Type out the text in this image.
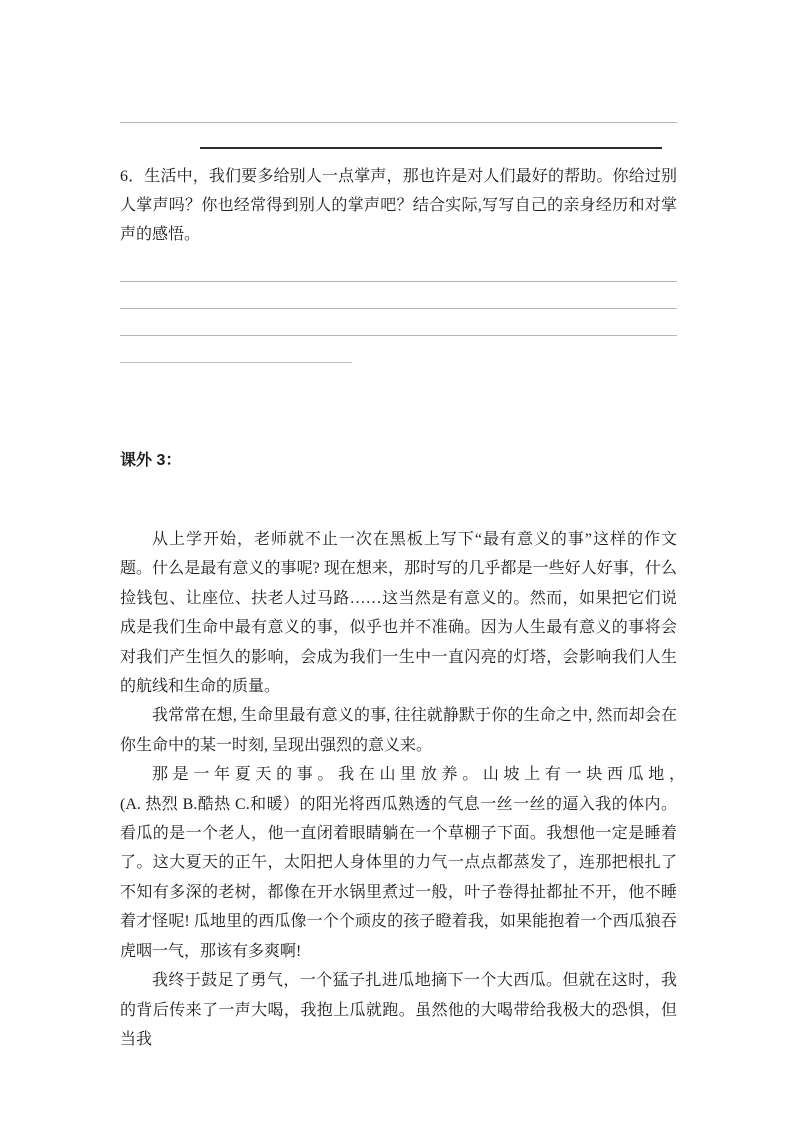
6．生活中，我们要多给别人一点掌声，那也许是对人们最好的帮助。你给过别人掌声吗？你也经常得到别人的掌声吧？结合实际,写写自己的亲身经历和对掌声的感悟。

课外 3：

从上学开始，老师就不止一次在黑板上写下“最有意义的事”这样的作文题。什么是最有意义的事呢? 现在想来，那时写的几乎都是一些好人好事，什么捡钱包、让座位、扶老人过马路……这当然是有意义的。然而，如果把它们说成是我们生命中最有意义的事，似乎也并不准确。因为人生最有意义的事将会对我们产生恒久的影响，会成为我们一生中一直闪亮的灯塔，会影响我们人生的航线和生命的质量。

我常常在想, 生命里最有意义的事, 往往就静默于你的生命之中, 然而却会在你生命中的某一时刻, 呈现出强烈的意义来。

那是一年夏天的事。我在山里放养。山坡上有一块西瓜地，　　　　　　　(A. 热烈 B.酷热 C.和暖）的阳光将西瓜熟透的气息一丝一丝的逼入我的体内。看瓜的是一个老人，他一直闭着眼睛躺在一个草棚子下面。我想他一定是睡着了。这大夏天的正午，太阳把人身体里的力气一点点都蒸发了，连那把根扎了不知有多深的老树，都像在开水锅里煮过一般，叶子卷得扯都扯不开，他不睡着才怪呢! 瓜地里的西瓜像一个个顽皮的孩子瞪着我，如果能抱着一个西瓜狼吞虎咽一气，那该有多爽啊!

我终于鼓足了勇气，一个猛子扎进瓜地摘下一个大西瓜。但就在这时，我的背后传来了一声大喝，我抱上瓜就跑。虽然他的大喝带给我极大的恐惧，但当我
